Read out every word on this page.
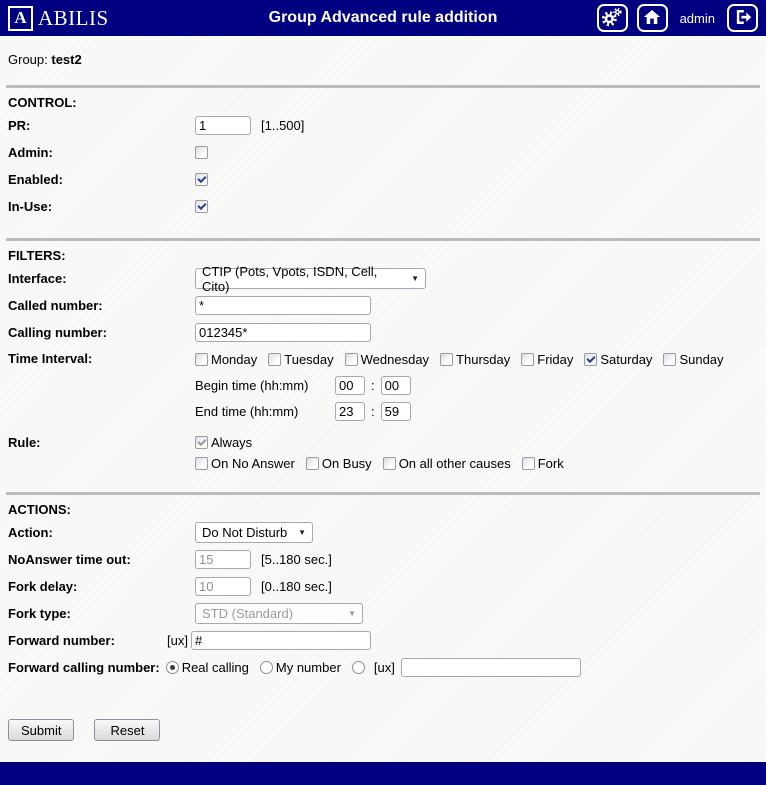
A ABILIS	Group Advanced rule addition	admin
Group: test2
CONTROL:
PR:
1	[1..500]
Admin:
Enabled:
In-Use:
FILTERS:
Interface:	CTIP (Pots, Vpots, ISDN, Cell, Cito)	▼
Called number:
*
Calling number:
012345*
Time Interval:	Monday Tuesday Wednesday Thursday Friday Saturday Sunday
Begin time (hh:mm)
00	:
00
End time (hh:mm)
23	:
59
Rule:	Always
On No Answer On Busy On all other causes Fork
ACTIONS:
Action:	Do Not Disturb ▼
NoAnswer time out:
15	[5..180 sec.]
Fork delay:
10	[0..180 sec.]
Fork type:	STD (Standard)	▼
Forward number:	[ux]
#
Forward calling number: Real calling My number	[ux]
Submit	Reset
